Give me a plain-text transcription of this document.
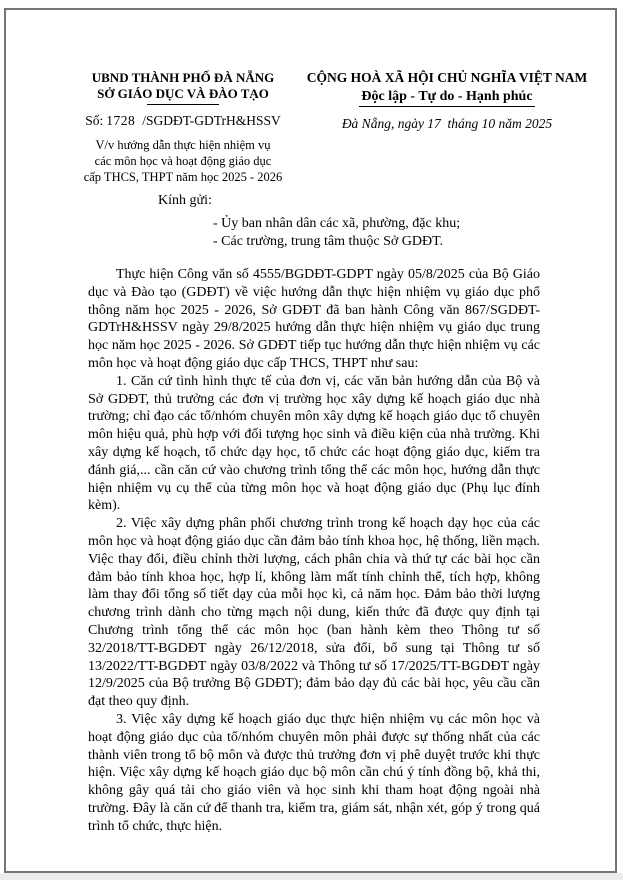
UBND THÀNH PHỐ ĐÀ NẴNG
SỞ GIÁO DỤC VÀ ĐÀO TẠO
Số: 1728 /SGDĐT-GDTrH&HSSV
V/v hướng dẫn thực hiện nhiệm vụ
các môn học và hoạt động giáo dục
cấp THCS, THPT năm học 2025 - 2026
CỘNG HOÀ XÃ HỘI CHỦ NGHĨA VIỆT NAM
Độc lập - Tự do - Hạnh phúc
Đà Nẵng, ngày 17  tháng 10 năm 2025
Kính gửi:
- Ủy ban nhân dân các xã, phường, đặc khu;
- Các trường, trung tâm thuộc Sở GDĐT.

Thực hiện Công văn số 4555/BGDĐT-GDPT ngày 05/8/2025 của Bộ Giáo dục và Đào tạo (GDĐT) về việc hướng dẫn thực hiện nhiệm vụ giáo dục phổ thông năm học 2025 - 2026, Sở GDĐT đã ban hành Công văn 867/SGDĐT-GDTrH&HSSV ngày 29/8/2025 hướng dẫn thực hiện nhiệm vụ giáo dục trung học năm học 2025 - 2026. Sở GDĐT tiếp tục hướng dẫn thực hiện nhiệm vụ các môn học và hoạt động giáo dục cấp THCS, THPT như sau:

1. Căn cứ tình hình thực tế của đơn vị, các văn bản hướng dẫn của Bộ và Sở GDĐT, thủ trưởng các đơn vị trường học xây dựng kế hoạch giáo dục nhà trường; chỉ đạo các tổ/nhóm chuyên môn xây dựng kế hoạch giáo dục tổ chuyên môn hiệu quả, phù hợp với đối tượng học sinh và điều kiện của nhà trường. Khi xây dựng kế hoạch, tổ chức dạy học, tổ chức các hoạt động giáo dục, kiểm tra đánh giá,... cần căn cứ vào chương trình tổng thể các môn học, hướng dẫn thực hiện nhiệm vụ cụ thể của từng môn học và hoạt động giáo dục (Phụ lục đính kèm).

2. Việc xây dựng phân phối chương trình trong kế hoạch dạy học của các môn học và hoạt động giáo dục cần đảm bảo tính khoa học, hệ thống, liền mạch. Việc thay đổi, điều chỉnh thời lượng, cách phân chia và thứ tự các bài học cần đảm bảo tính khoa học, hợp lí, không làm mất tính chỉnh thể, tích hợp, không làm thay đổi tổng số tiết dạy của mỗi học kì, cả năm học. Đảm bảo thời lượng chương trình dành cho từng mạch nội dung, kiến thức đã được quy định tại Chương trình tổng thể các môn học (ban hành kèm theo Thông tư số 32/2018/TT-BGDĐT ngày 26/12/2018, sửa đổi, bổ sung tại Thông tư số 13/2022/TT-BGDĐT ngày 03/8/2022 và Thông tư số 17/2025/TT-BGDĐT ngày 12/9/2025 của Bộ trưởng Bộ GDĐT); đảm bảo dạy đủ các bài học, yêu cầu cần đạt theo quy định.

3. Việc xây dựng kế hoạch giáo dục thực hiện nhiệm vụ các môn học và hoạt động giáo dục của tổ/nhóm chuyên môn phải được sự thống nhất của các thành viên trong tổ bộ môn và được thủ trưởng đơn vị phê duyệt trước khi thực hiện. Việc xây dựng kế hoạch giáo dục bộ môn cần chú ý tính đồng bộ, khả thi, không gây quá tải cho giáo viên và học sinh khi tham hoạt động ngoài nhà trường. Đây là căn cứ để thanh tra, kiểm tra, giám sát, nhận xét, góp ý trong quá trình tổ chức, thực hiện.
